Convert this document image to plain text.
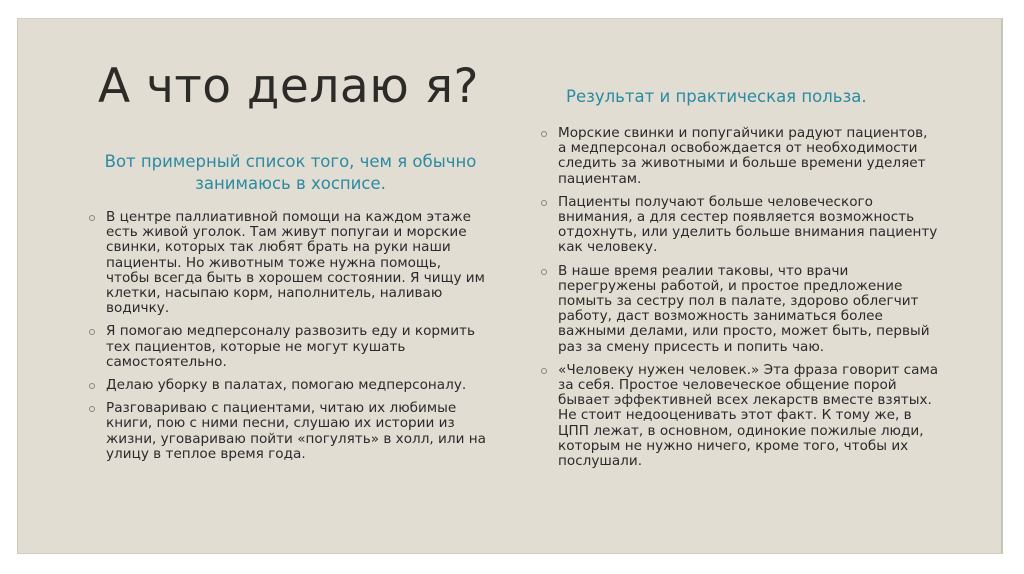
А что делаю я?
Вот примерный список того, чем я обычно занимаюсь в хосписе.
В центре паллиативной помощи на каждом этаже есть живой уголок. Там живут попугаи и морские свинки, которых так любят брать на руки наши пациенты. Но животным тоже нужна помощь, чтобы всегда быть в хорошем состоянии. Я чищу им клетки, насыпаю корм, наполнитель, наливаю водичку.
Я помогаю медперсоналу развозить еду и кормить тех пациентов, которые не могут кушать самостоятельно.
Делаю уборку в палатах, помогаю медперсоналу.
Разговариваю с пациентами, читаю их любимые книги, пою с ними песни, слушаю их истории из жизни, уговариваю пойти «погулять» в холл, или на улицу в теплое время года.
Результат и практическая польза.
Морские свинки и попугайчики радуют пациентов, а медперсонал освобождается от необходимости следить за животными и больше времени уделяет пациентам.
Пациенты получают больше человеческого внимания, а для сестер появляется возможность отдохнуть, или уделить больше внимания пациенту как человеку.
В наше время реалии таковы, что врачи перегружены работой, и простое предложение помыть за сестру пол в палате, здорово облегчит работу, даст возможность заниматься более важными делами, или просто, может быть, первый раз за смену присесть и попить чаю.
«Человеку нужен человек.» Эта фраза говорит сама за себя. Простое человеческое общение порой бывает эффективней всех лекарств вместе взятых. Не стоит недооценивать этот факт. К тому же, в ЦПП лежат, в основном, одинокие пожилые люди, которым не нужно ничего, кроме того, чтобы их послушали.
